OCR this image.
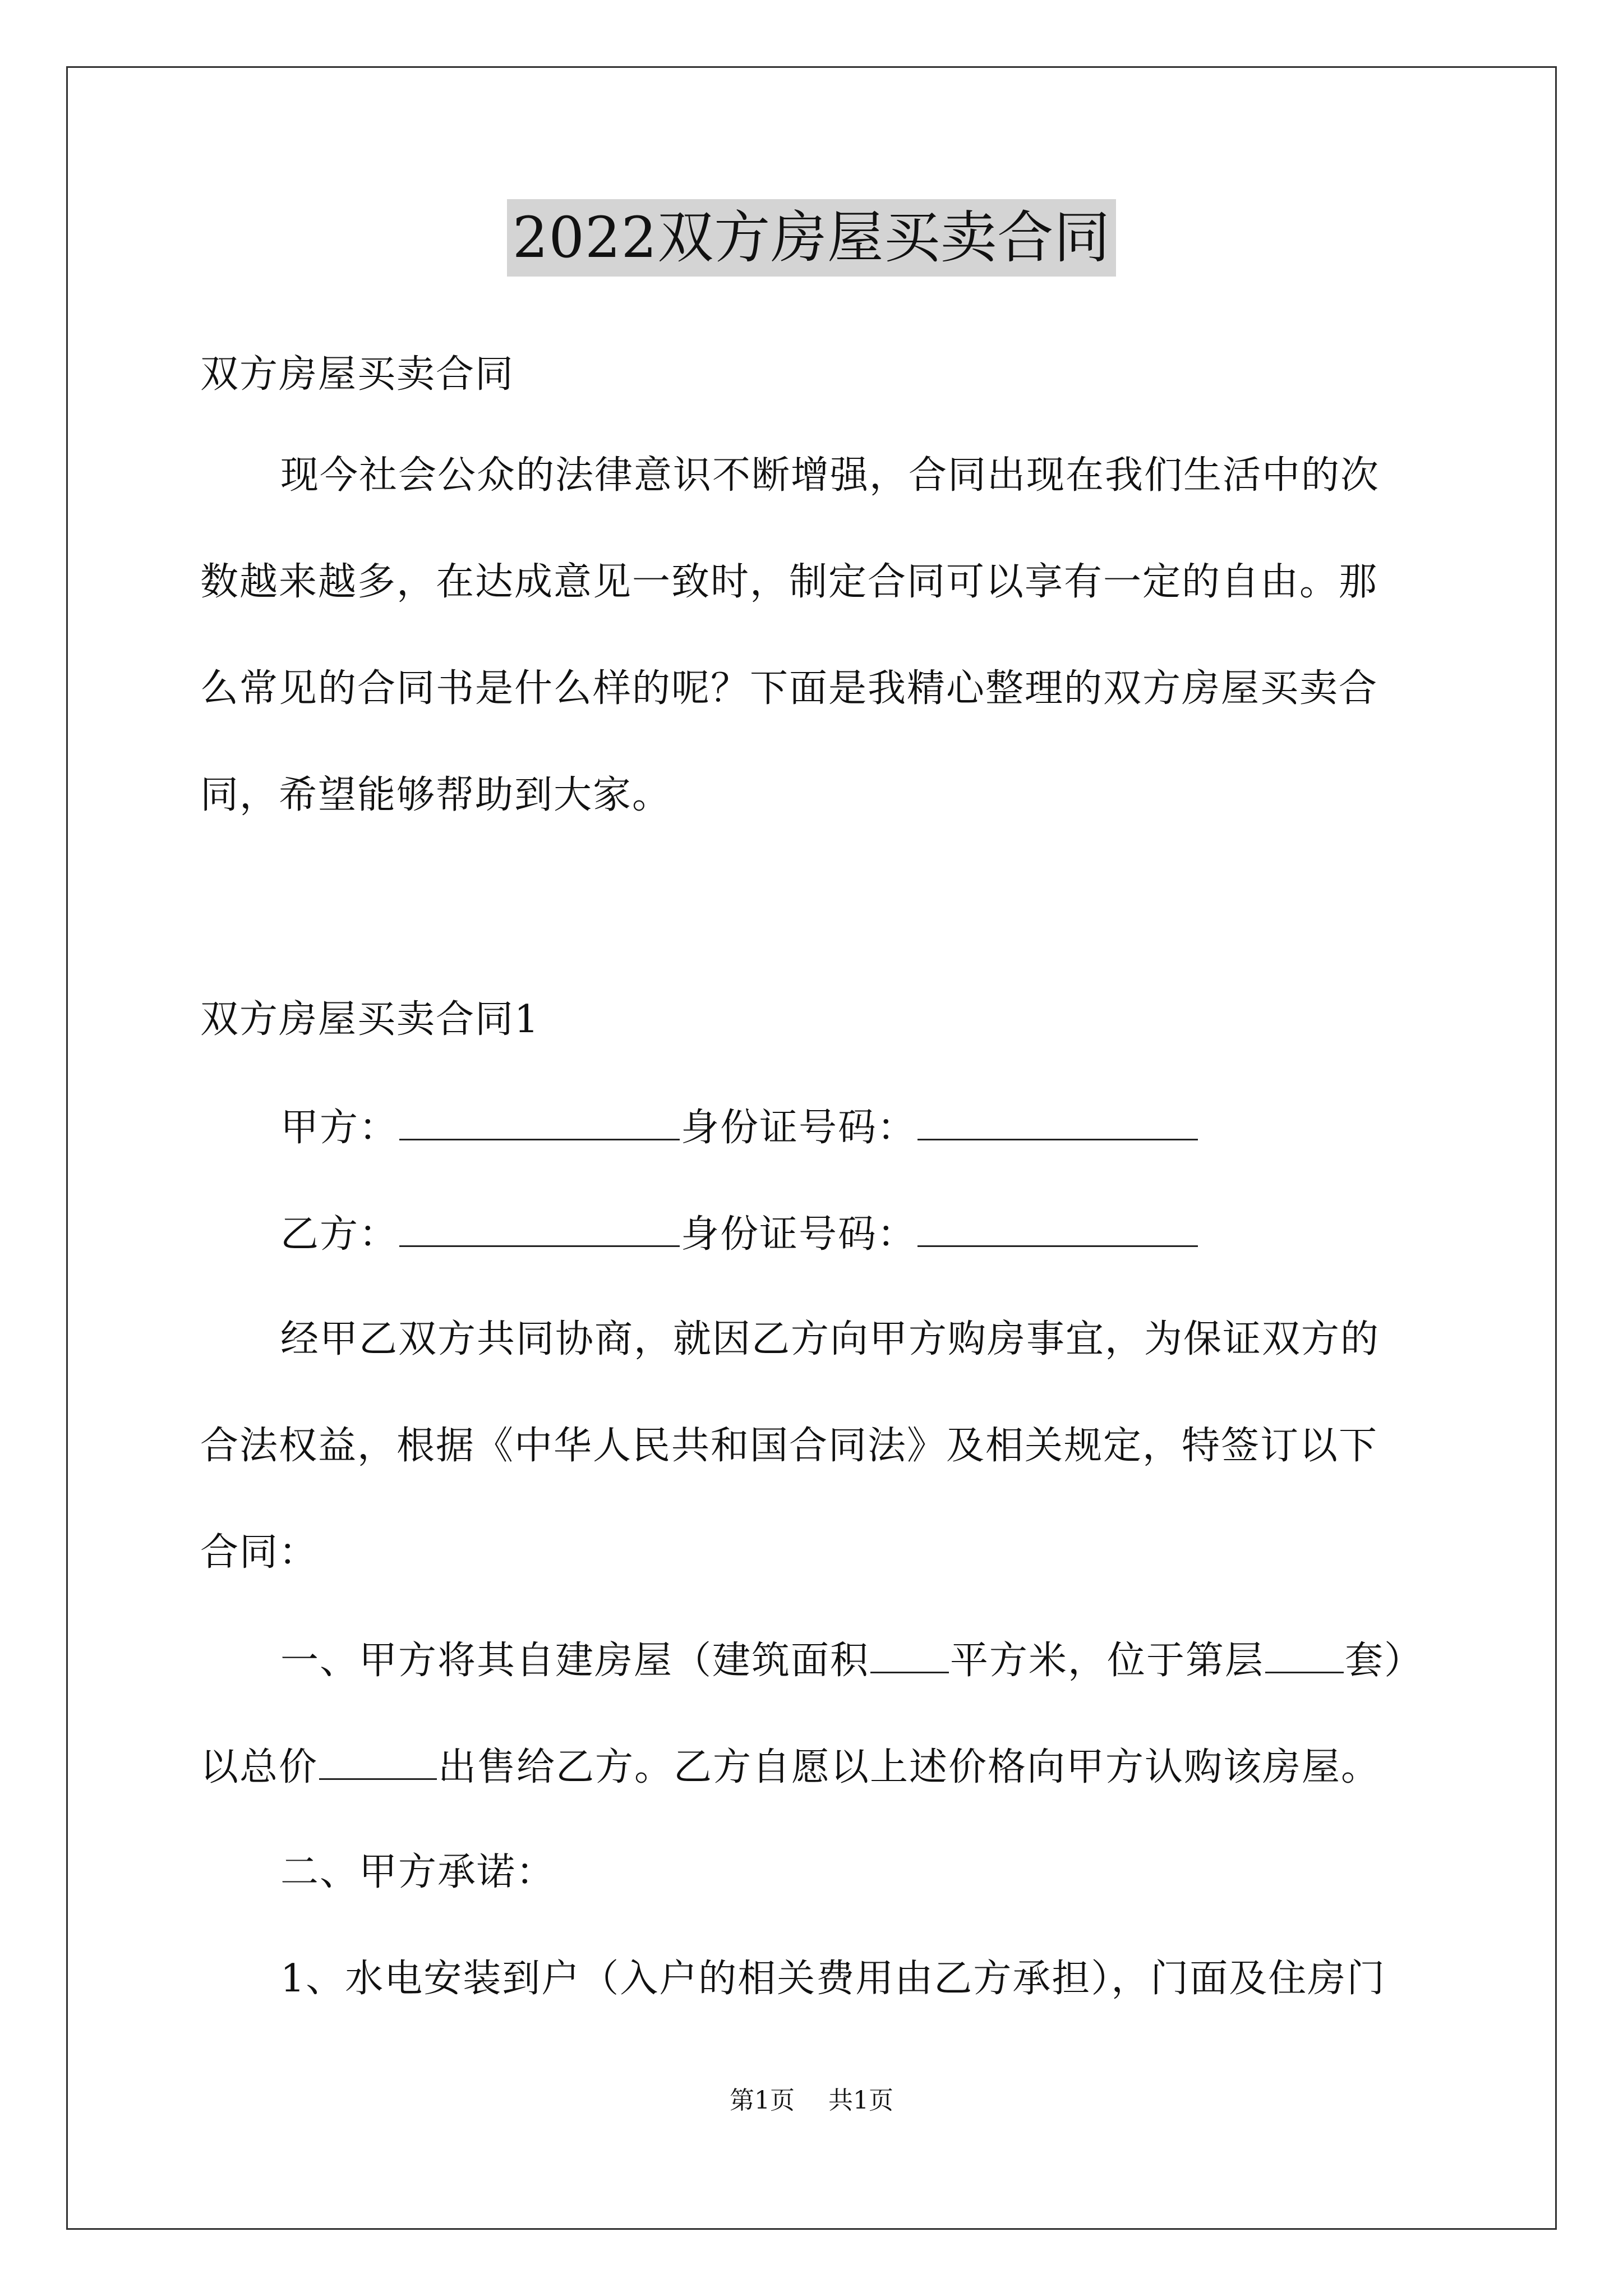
2022双方房屋买卖合同
双方房屋买卖合同
现今社会公众的法律意识不断增强，合同出现在我们生活中的次
数越来越多，在达成意见一致时，制定合同可以享有一定的自由。那
么常见的合同书是什么样的呢？下面是我精心整理的双方房屋买卖合
同，希望能够帮助到大家。
双方房屋买卖合同1
甲方：	身份证号码：
乙方：	身份证号码：
经甲乙双方共同协商，就因乙方向甲方购房事宜，为保证双方的
合法权益，根据《中华人民共和国合同法》及相关规定，特签订以下
合同：
一、甲方将其自建房屋（建筑面积 平方米，位于第层 套）
以总价	出售给乙方。乙方自愿以上述价格向甲方认购该房屋。
二、甲方承诺：
1、水电安装到户（入户的相关费用由乙方承担），门面及住房门
第1页 共1页
